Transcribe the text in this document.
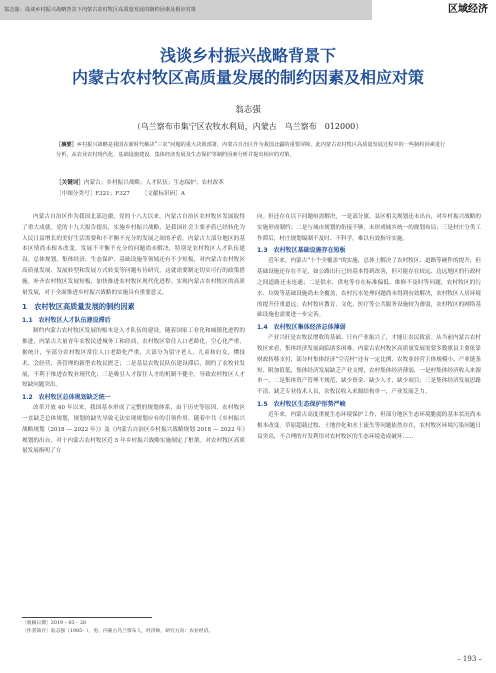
翁志强：浅谈乡村振兴战略背景下内蒙古农村牧区高质量发展的制约因素及相应对策	区域经济
浅谈乡村振兴战略背景下
内蒙古农村牧区高质量发展的制约因素及相应对策
翁志强
（乌兰察布市集宁区农牧水利局，内蒙古　乌兰察布　012000）
［摘要］乡村振兴战略是我国在新时代解决“三农”问题的重大决策部署，内蒙古自治区作为我国北疆的重要屏障，此内蒙古农村牧区高质量发展过程中的一些制约因素进行分析，从农业农村现代化、基础设施建设、集体经济发展及生态保护等制约因素分析并提出相应的对策。
［关键词］内蒙古；乡村振兴战略；人才队伍；生态保护；农村改革
［中图分类号］F321；F327 ［文献标识码］A

内蒙古自治区作为我国北部边疆，党的十八大以来，内蒙古自治区农村牧区发展取得了重大成就。党的十九大报告提出，实施乡村振兴战略，是我国社会主要矛盾已经转化为人民日益增长的美好生活需要和不平衡不充分的发展之间的矛盾。内蒙古大部分地区的基本区情尚未根本改变，发展不平衡不充分的问题尚未解决，特别是农村牧区人才队伍建设、总体规划、集体经济、生态保护、基础设施等领域还有不少短板，对内蒙古农村牧区高质量发展、发展转型和发展方式转变等问题有待研究，这就需要制定切实可行的政策措施，补齐农村牧区发展短板，加快推进农村牧区现代化进程。实现内蒙古农村牧区的高质量发展，对于全面推进乡村振兴战略的实施具有重要意义。

1　农村牧区高质量发展的制约因素
1.1　农村牧区人才队伍建设滞后

制约内蒙古农村牧区发展的根本是人才队伍的建设。随着国家工业化和城镇化进程的推进，内蒙古大量青年农牧民进城务工和经商，农村牧区常住人口老龄化、空心化严重，据统计，至部分农村牧区常住人口老龄化严重，大部分为留守老人、儿童和妇女，懂技术、会经营、善管理的新型农牧民匮乏；二是基层农牧民队伍建设滞后，制约了农牧业发展，不利于推进农牧业现代化；三是吸引人才留住人才的机制不健全，导致农村牧区人才短缺问题突出。

1.2　农村牧区总体规划缺乏统一

改革开放 40 年以来，我国基本形成了完整的规划体系，由于历史等原因，农村牧区一直缺乏总体规划，规划的缺失导致无法实现规划应有的引领作用。随着中共《乡村振兴战略规划（2018 — 2022 年）》及《内蒙古自治区乡村振兴战略规划 2018 — 2022 年》规划的出台，对于内蒙古农村牧区近 5 年乡村振兴战略实施制定了框架。对农村牧区高质量发展指明了方

向。但还存在以下问题亟需解决，一是部分旗、县区相关规划还未出台，对乡村振兴战略的实施形成制约；二是与城市规划的衔接不够，未形成城乡统一的规划布局；三是村庄分类工作滞后，村庄规划编制不及时、不科学，难以有效指导实施。

1.3　农村牧区基础设施存在短板

近年来，内蒙古“十个全覆盖”的实施，总体上解决了农村牧区、道路等硬件的提升，但基础设施还存在不足，如公路出行已经基本得到改善，但可能存在较远、边远地区的行政村之间道路还未连通；二是供水、供电等存在标准偏低、维修不及时等问题，农村牧区的污水、垃圾等基础设施尚未全覆盖，农村污水处理问题尚未得到有效解决，农村牧区人居环境的提升任重道远；农村牧区教育、文化、医疗等公共服务设施较为薄弱，农村牧区的网络基础设施也需要进一步完善。

1.4　农村牧区集体经济总体薄弱

产业兴旺是农牧民增收的基础。只有产业振兴了，才能让农民致富。从当前内蒙古农村牧区来看，集体经济发展面临诸多困难，内蒙古农村牧区高质量发展需要多数旗县主要依靠财政转移支付，部分村集体经济“空壳村”还有一定比例，农牧业经营主体规模小、产业链条短、附加值低，集体经济发展缺乏产业支撑，农村集体经济薄弱，一是村集体经济收入来源单一，二是集体资产管理不规范，缺少资金、缺少人才、缺少项目；三是集体经济发展思路不清，缺乏专业技术人员，农牧民收入来源结构单一，产业发展乏力。

1.5　农村牧区生态保护形势严峻

近年来，内蒙古高度重视生态环境保护工作，但部分地区生态环境脆弱的基本状况尚未根本改变。草原超载过牧、土地沙化和水土流失等问题依然存在，农村牧区环境污染问题日益突出，不合理的开发利用对农村牧区的生态环境造成破坏……

［收稿日期］2019 – 03 – 28
［作者简介］翁志强（1985– ），男，内蒙古乌兰察布人，经济师，研究方向：农业经济。
– 193 –
